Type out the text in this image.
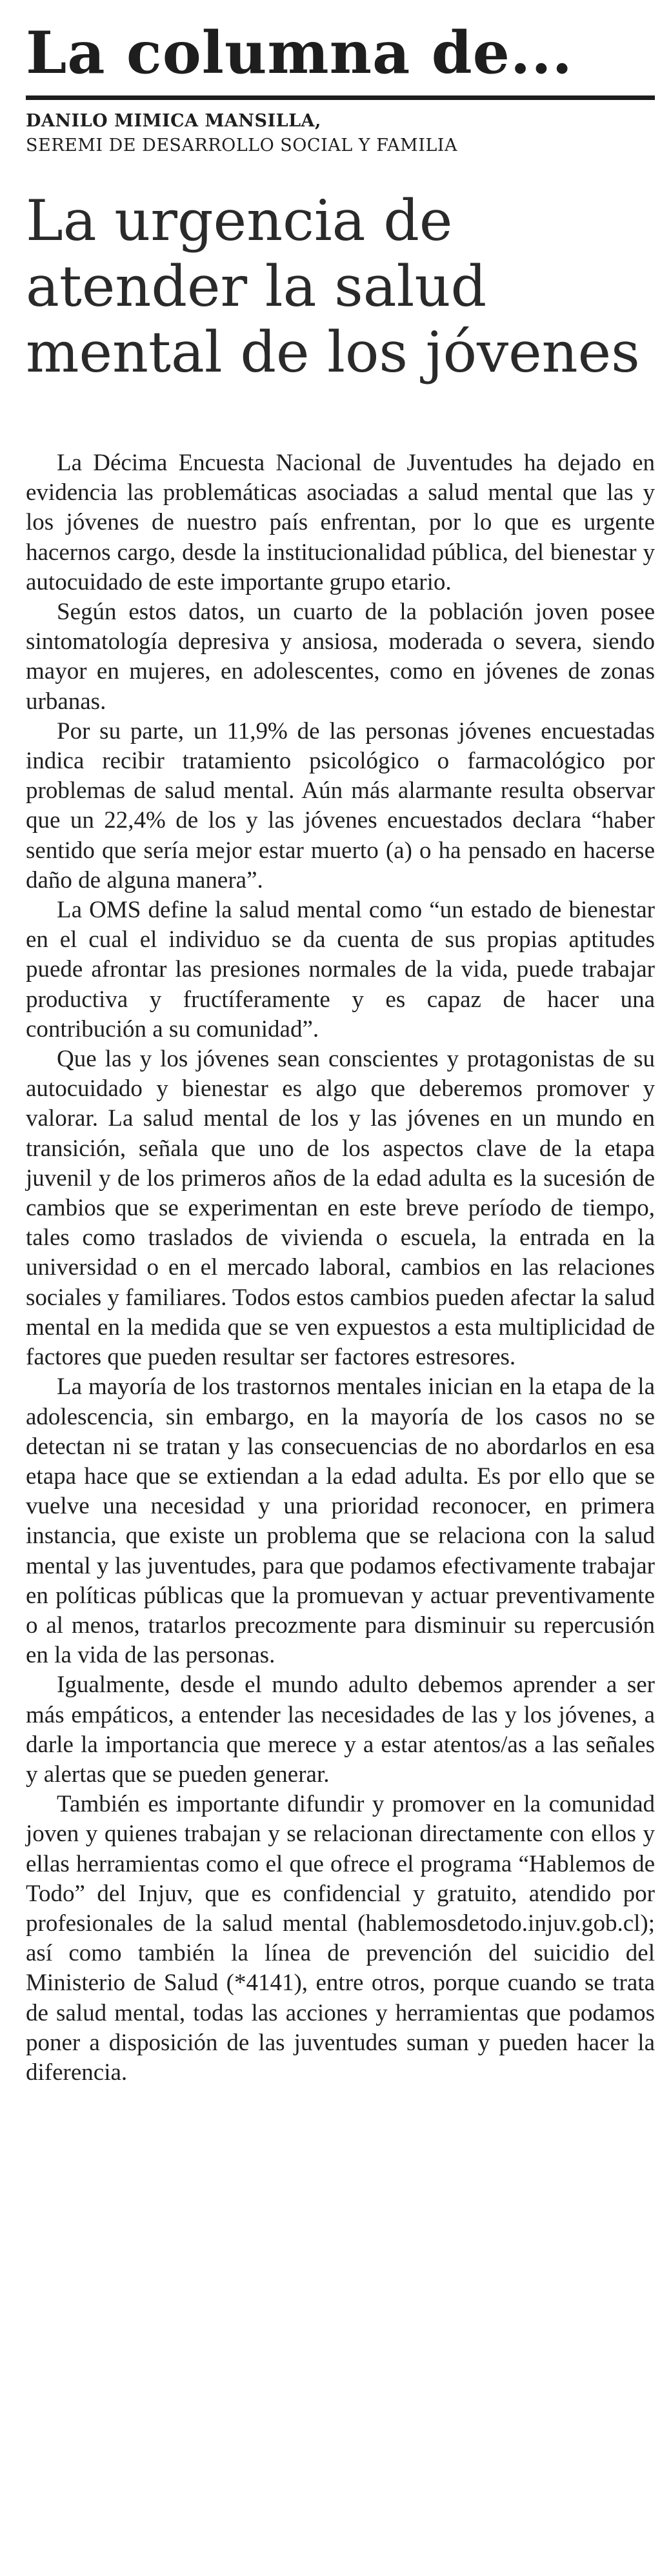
La columna de...
DANILO MIMICA MANSILLA,
SEREMI DE DESARROLLO SOCIAL Y FAMILIA
La urgencia de atender la salud mental de los jóvenes

La Décima Encuesta Nacional de Juventudes ha dejado en evidencia las problemáticas asociadas a salud mental que las y los jóvenes de nuestro país enfrentan, por lo que es urgente hacernos cargo, desde la institucionalidad pública, del bienestar y autocuidado de este importante grupo etario.

Según estos datos, un cuarto de la población joven posee sintomatología depresiva y ansiosa, moderada o severa, siendo mayor en mujeres, en adolescentes, como en jóvenes de zonas urbanas.

Por su parte, un 11,9% de las personas jóvenes encuestadas indica recibir tratamiento psicológico o farmacológico por problemas de salud mental. Aún más alarmante resulta observar que un 22,4% de los y las jóvenes encuestados declara “haber sentido que sería mejor estar muerto (a) o ha pensado en hacerse daño de alguna manera”.

La OMS define la salud mental como “un estado de bienestar en el cual el individuo se da cuenta de sus propias aptitudes puede afrontar las presiones normales de la vida, puede trabajar productiva y fructíferamente y es capaz de hacer una contribución a su comunidad”.

Que las y los jóvenes sean conscientes y protagonistas de su autocuidado y bienestar es algo que deberemos promover y valorar. La salud mental de los y las jóvenes en un mundo en transición, señala que uno de los aspectos clave de la etapa juvenil y de los primeros años de la edad adulta es la sucesión de cambios que se experimentan en este breve período de tiempo, tales como traslados de vivienda o escuela, la entrada en la universidad o en el mercado laboral, cambios en las relaciones sociales y familiares. Todos estos cambios pueden afectar la salud mental en la medida que se ven expuestos a esta multiplicidad de factores que pueden resultar ser factores estresores.

La mayoría de los trastornos mentales inician en la etapa de la adolescencia, sin embargo, en la mayoría de los casos no se detectan ni se tratan y las consecuencias de no abordarlos en esa etapa hace que se extiendan a la edad adulta. Es por ello que se vuelve una necesidad y una prioridad reconocer, en primera instancia, que existe un problema que se relaciona con la salud mental y las juventudes, para que podamos efectivamente trabajar en políticas públicas que la promuevan y actuar preventivamente o al menos, tratarlos precozmente para disminuir su repercusión en la vida de las personas.

Igualmente, desde el mundo adulto debemos aprender a ser más empáticos, a entender las necesidades de las y los jóvenes, a darle la importancia que merece y a estar atentos/as a las señales y alertas que se pueden generar.

También es importante difundir y promover en la comunidad joven y quienes trabajan y se relacionan directamente con ellos y ellas herramientas como el que ofrece el programa “Hablemos de Todo” del Injuv, que es confidencial y gratuito, atendido por profesionales de la salud mental (hablemosdetodo.injuv.gob.cl); así como también la línea de prevención del suicidio del Ministerio de Salud (*4141), entre otros, porque cuando se trata de salud mental, todas las acciones y herramientas que podamos poner a disposición de las juventudes suman y pueden hacer la diferencia.
